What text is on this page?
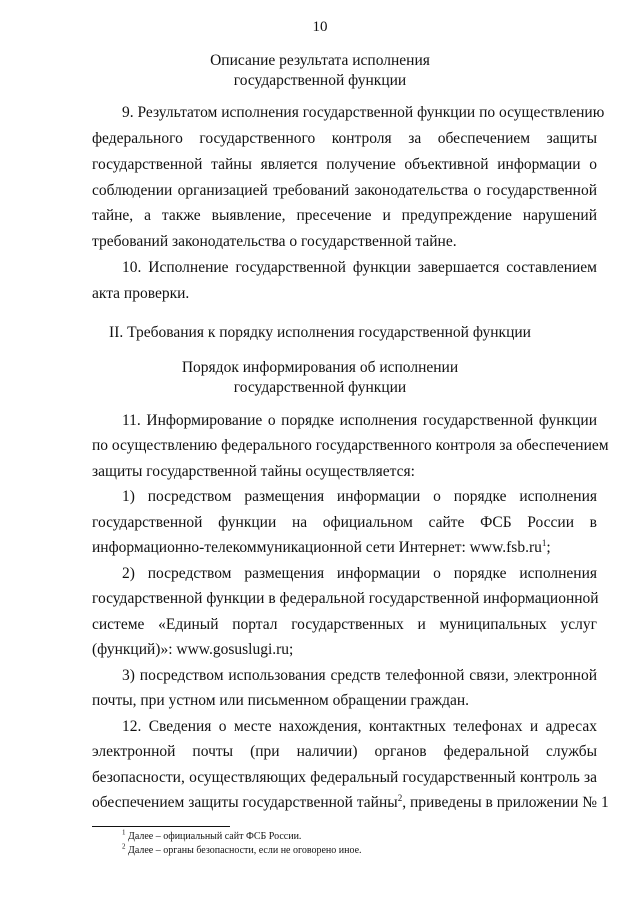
10
Описание результата исполнения
государственной функции
9. Результатом исполнения государственной функции по осуществлению
федерального государственного контроля за обеспечением защиты
государственной тайны является получение объективной информации о
соблюдении организацией требований законодательства о государственной
тайне, а также выявление, пресечение и предупреждение нарушений
требований законодательства о государственной тайне.
10. Исполнение государственной функции завершается составлением
акта проверки.
II. Требования к порядку исполнения государственной функции
Порядок информирования об исполнении
государственной функции
11. Информирование о порядке исполнения государственной функции
по осуществлению федерального государственного контроля за обеспечением
защиты государственной тайны осуществляется:
1) посредством размещения информации о порядке исполнения
государственной функции на официальном сайте ФСБ России в
информационно-телекоммуникационной сети Интернет: $www.fsb.ru^1$;
2) посредством размещения информации о порядке исполнения
государственной функции в федеральной государственной информационной
системе «Единый портал государственных и муниципальных услуг
(функций)»: www.gosuslugi.ru;
3) посредством использования средств телефонной связи, электронной
почты, при устном или письменном обращении граждан.
12. Сведения о месте нахождения, контактных телефонах и адресах
электронной почты (при наличии) органов федеральной службы
безопасности, осуществляющих федеральный государственный контроль за
обеспечением защиты государственной тайны$^2$, приведены в приложении № 1
$^1$ Далее – официальный сайт ФСБ России.
$^2$ Далее – органы безопасности, если не оговорено иное.
